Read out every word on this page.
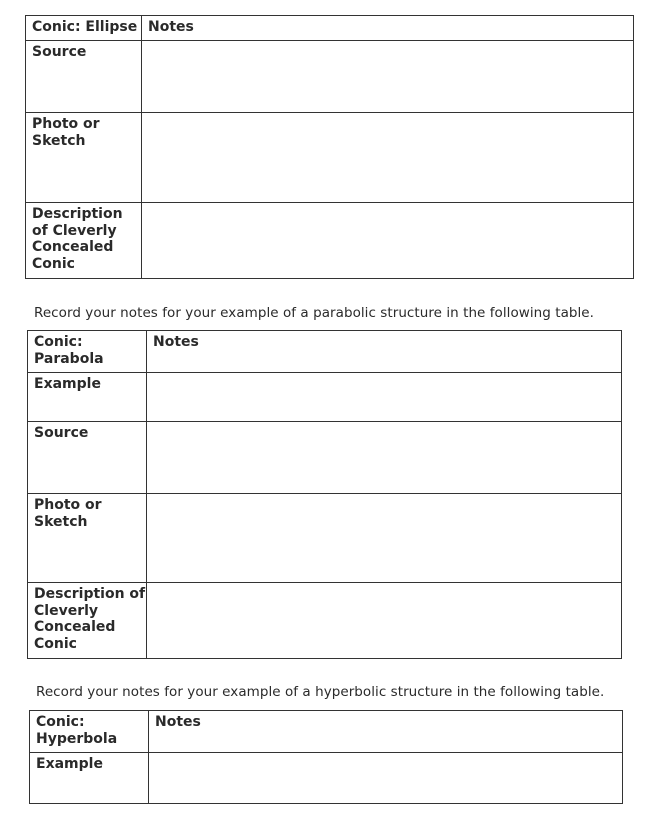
Conic: Ellipse	Notes
Source	
Photo or Sketch	
Description of Cleverly Concealed Conic	
Record your notes for your example of a parabolic structure in the following table.
Conic: Parabola	Notes
Example	
Source	
Photo or Sketch	
Description of Cleverly Concealed Conic	
Record your notes for your example of a hyperbolic structure in the following table.
Conic: Hyperbola	Notes
Example	
